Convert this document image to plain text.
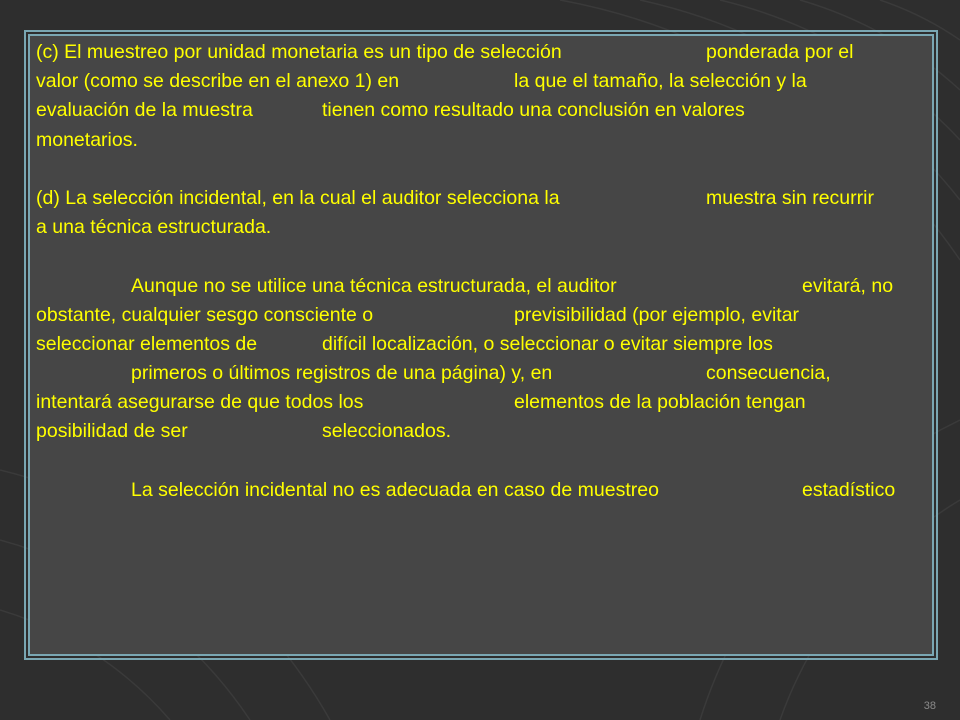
(c) El muestreo por unidad monetaria es un tipo de selección	ponderada por el
valor (como se describe en el anexo 1) en	la que el tamaño, la selección y la
evaluación de la muestra	tienen como resultado una conclusión en valores
monetarios.
(d) La selección incidental, en la cual el auditor selecciona la	muestra sin recurrir
a una técnica estructurada.
Aunque no se utilice una técnica estructurada, el auditor	evitará, no
obstante, cualquier sesgo consciente o	previsibilidad (por ejemplo, evitar
seleccionar elementos de	difícil localización, o seleccionar o evitar siempre los
primeros o últimos registros de una página) y, en	consecuencia,
intentará asegurarse de que todos los	elementos de la población tengan
posibilidad de ser	seleccionados.
La selección incidental no es adecuada en caso de muestreo	estadístico
38
